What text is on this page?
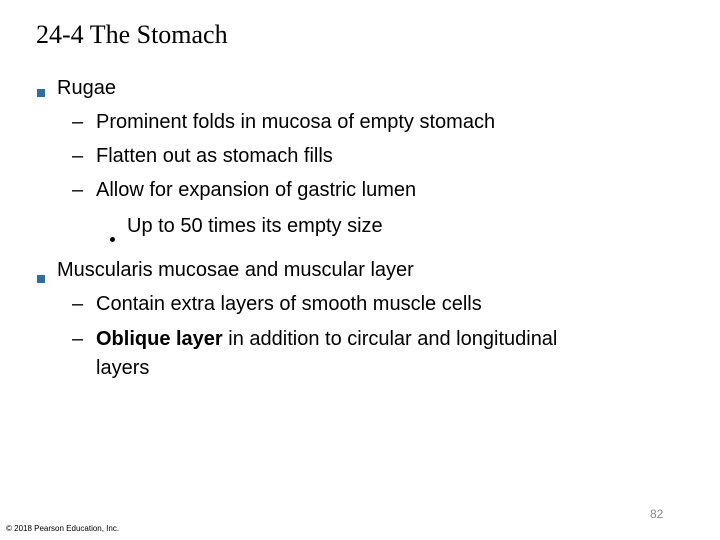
24-4 The Stomach
Rugae
– Prominent folds in mucosa of empty stomach
– Flatten out as stomach fills
– Allow for expansion of gastric lumen
Up to 50 times its empty size
Muscularis mucosae and muscular layer
– Contain extra layers of smooth muscle cells
– Oblique layer in addition to circular and longitudinal
layers
82
© 2018 Pearson Education, Inc.
